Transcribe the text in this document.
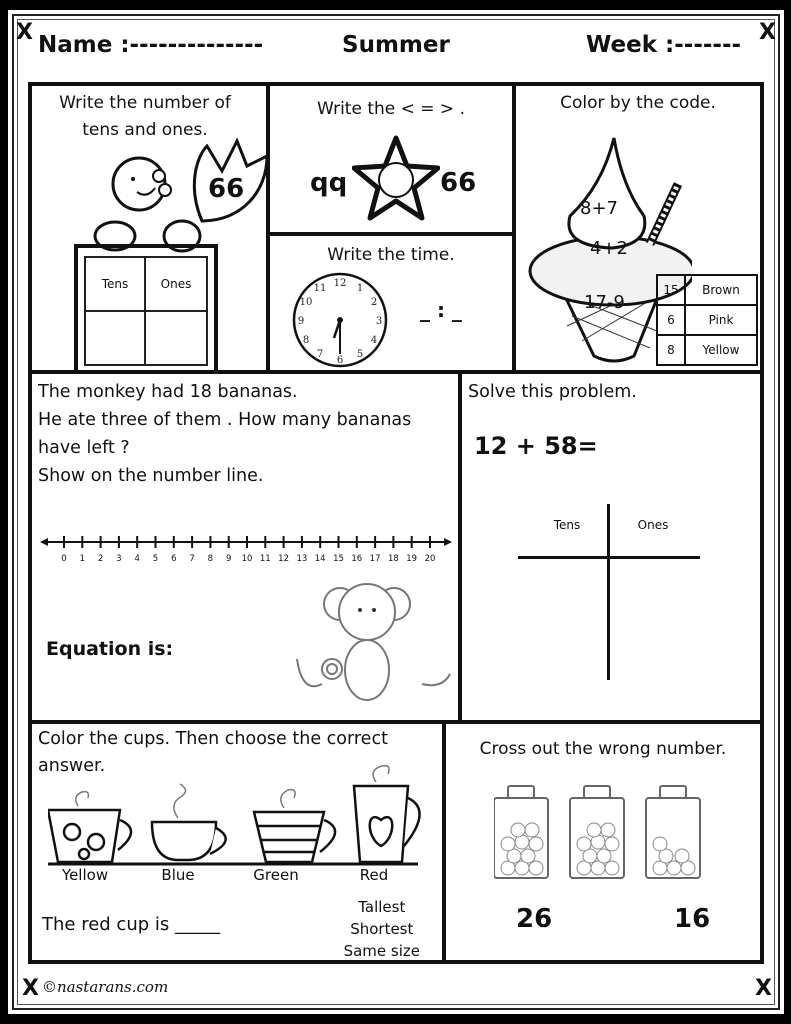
X	X
X	X
Name :--------------	Summer	Week :-------
Write the number of tens and ones.
66
Tens	Ones
Write the < = > .
qq	66
Write the time.
12 1
2
3
4
5
6
7
8
9
10
11
_ : _
Color by the code.
8+7
4+2
17-9
15	Brown
6	Pink
8	Yellow
The monkey had 18 bananas.
He ate three of them . How many bananas
have left ?
Show on the number line.
0 1 2 3 4 5 6 7 8 9 10 11 12 13 14 15 16 17 18 19 20
Equation is:
Solve this problem.
12 + 58=
Tens	Ones
Color the cups. Then choose the correct
answer.
Yellow	Blue	Green	Red
The red cup is _____
Tallest
Shortest
Same size
Cross out the wrong number.
26	16
©nastarans.com
